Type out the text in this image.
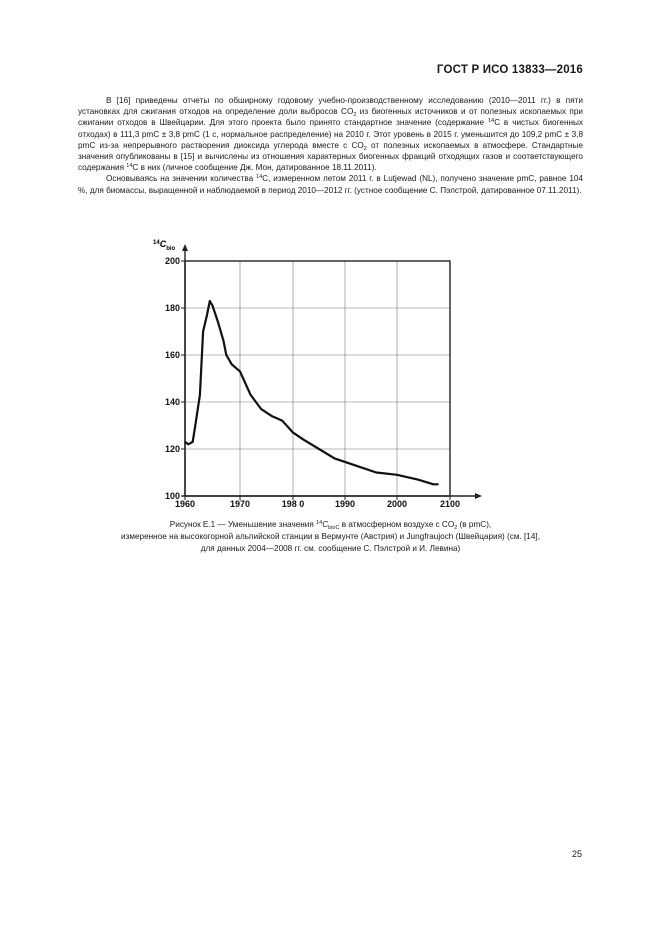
ГОСТ Р ИСО 13833—2016

В [16] приведены отчеты по обширному годовому учебно-производственному исследованию (2010—2011 гг.) в пяти установках для сжигания отходов на определение доли выбросов $CO_2$ из биогенных источников и от полезных ископаемых при сжигании отходов в Швейцарии. Для этого проекта было принято стандартное значение (содержание $^{14}$C в чистых биогенных отходах) в 111,3 pmC ± 3,8 pmC (1 с, нормальное распределение) на 2010 г. Этот уровень в 2015 г. уменьшится до 109,2 pmC ± 3,8 pmC из-за непрерывного растворения диоксида углерода вместе с $CO_2$ от полезных ископаемых в атмосфере. Стандартные значения опубликованы в [15] и вычислены из отношения характерных биогенных фракций отходящих газов и соответствующего содержания $^{14}$C в них (личное сообщение Дж. Мон, датированное 18.11.2011).

Основываясь на значении количества $^{14}$C, измеренном летом 2011 г. в Lutjewad (NL), получено значение pmC, равное 104 %, для биомассы, выращенной и наблюдаемой в период 2010—2012 гг. (устное сообщение С. Пэлстрой, датированное 07.11.2011).

$^{14}C_{bio}$
1960	1970	198 0	1990	2000	2100
100
120
140
160
180
200
Рисунок Е.1 — Уменьшение значения $^{14}C_{bioC}$ в атмосферном воздухе с $CO_2$ (в pmC),
измеренное на высокогорной альпийской станции в Вермунте (Австрия) и Jungfraujoch (Швейцария) (см. [14],
для данных 2004—2008 гг. см. сообщение С. Пэлстрой и И. Левина)
25
